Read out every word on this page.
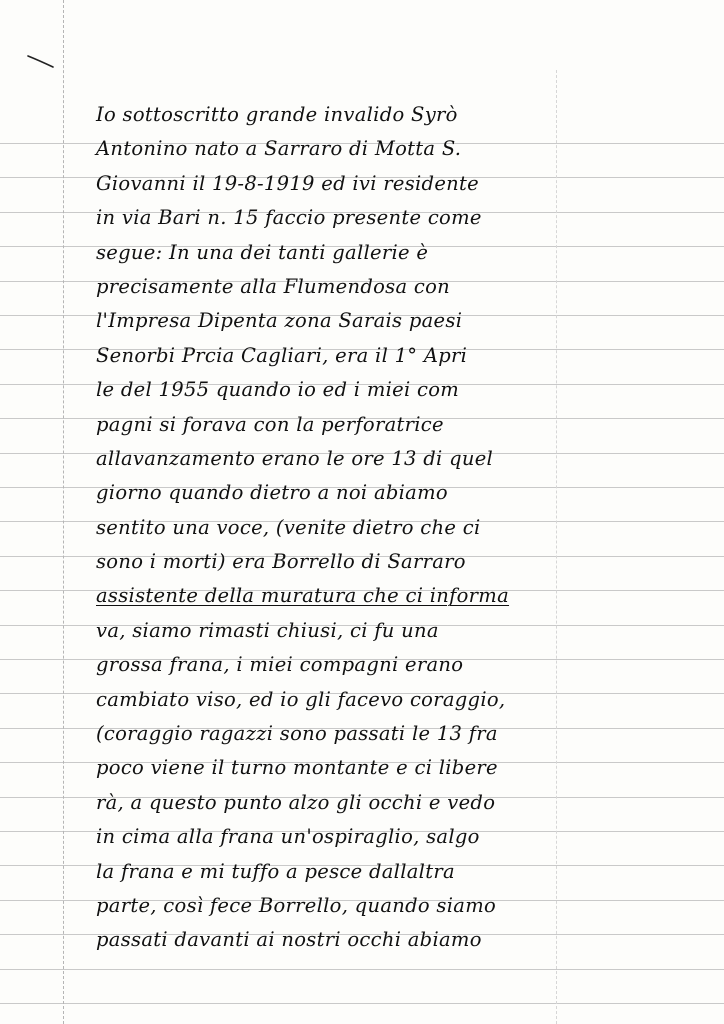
Io sottoscritto grande invalido Syrò
Antonino nato a Sarraro di Motta S.
Giovanni il 19-8-1919 ed ivi residente
in via Bari n. 15 faccio presente come
segue: In una dei tanti gallerie è
precisamente alla Flumendosa con
l'Impresa Dipenta zona Sarais paesi
Senorbi Prcia Cagliari, era il 1° Apri
le del 1955 quando io ed i miei com
pagni si forava con la perforatrice
allavanzamento erano le ore 13 di quel
giorno quando dietro a noi abiamo
sentito una voce, (venite dietro che ci
sono i morti) era Borrello di Sarraro
assistente della muratura che ci informa
va, siamo rimasti chiusi, ci fu una
grossa frana, i miei compagni erano
cambiato viso, ed io gli facevo coraggio,
(coraggio ragazzi sono passati le 13 fra
poco viene il turno montante e ci libere
rà, a questo punto alzo gli occhi e vedo
in cima alla frana un'ospiraglio, salgo
la frana e mi tuffo a pesce dallaltra
parte, così fece Borrello, quando siamo
passati davanti ai nostri occhi abiamo
